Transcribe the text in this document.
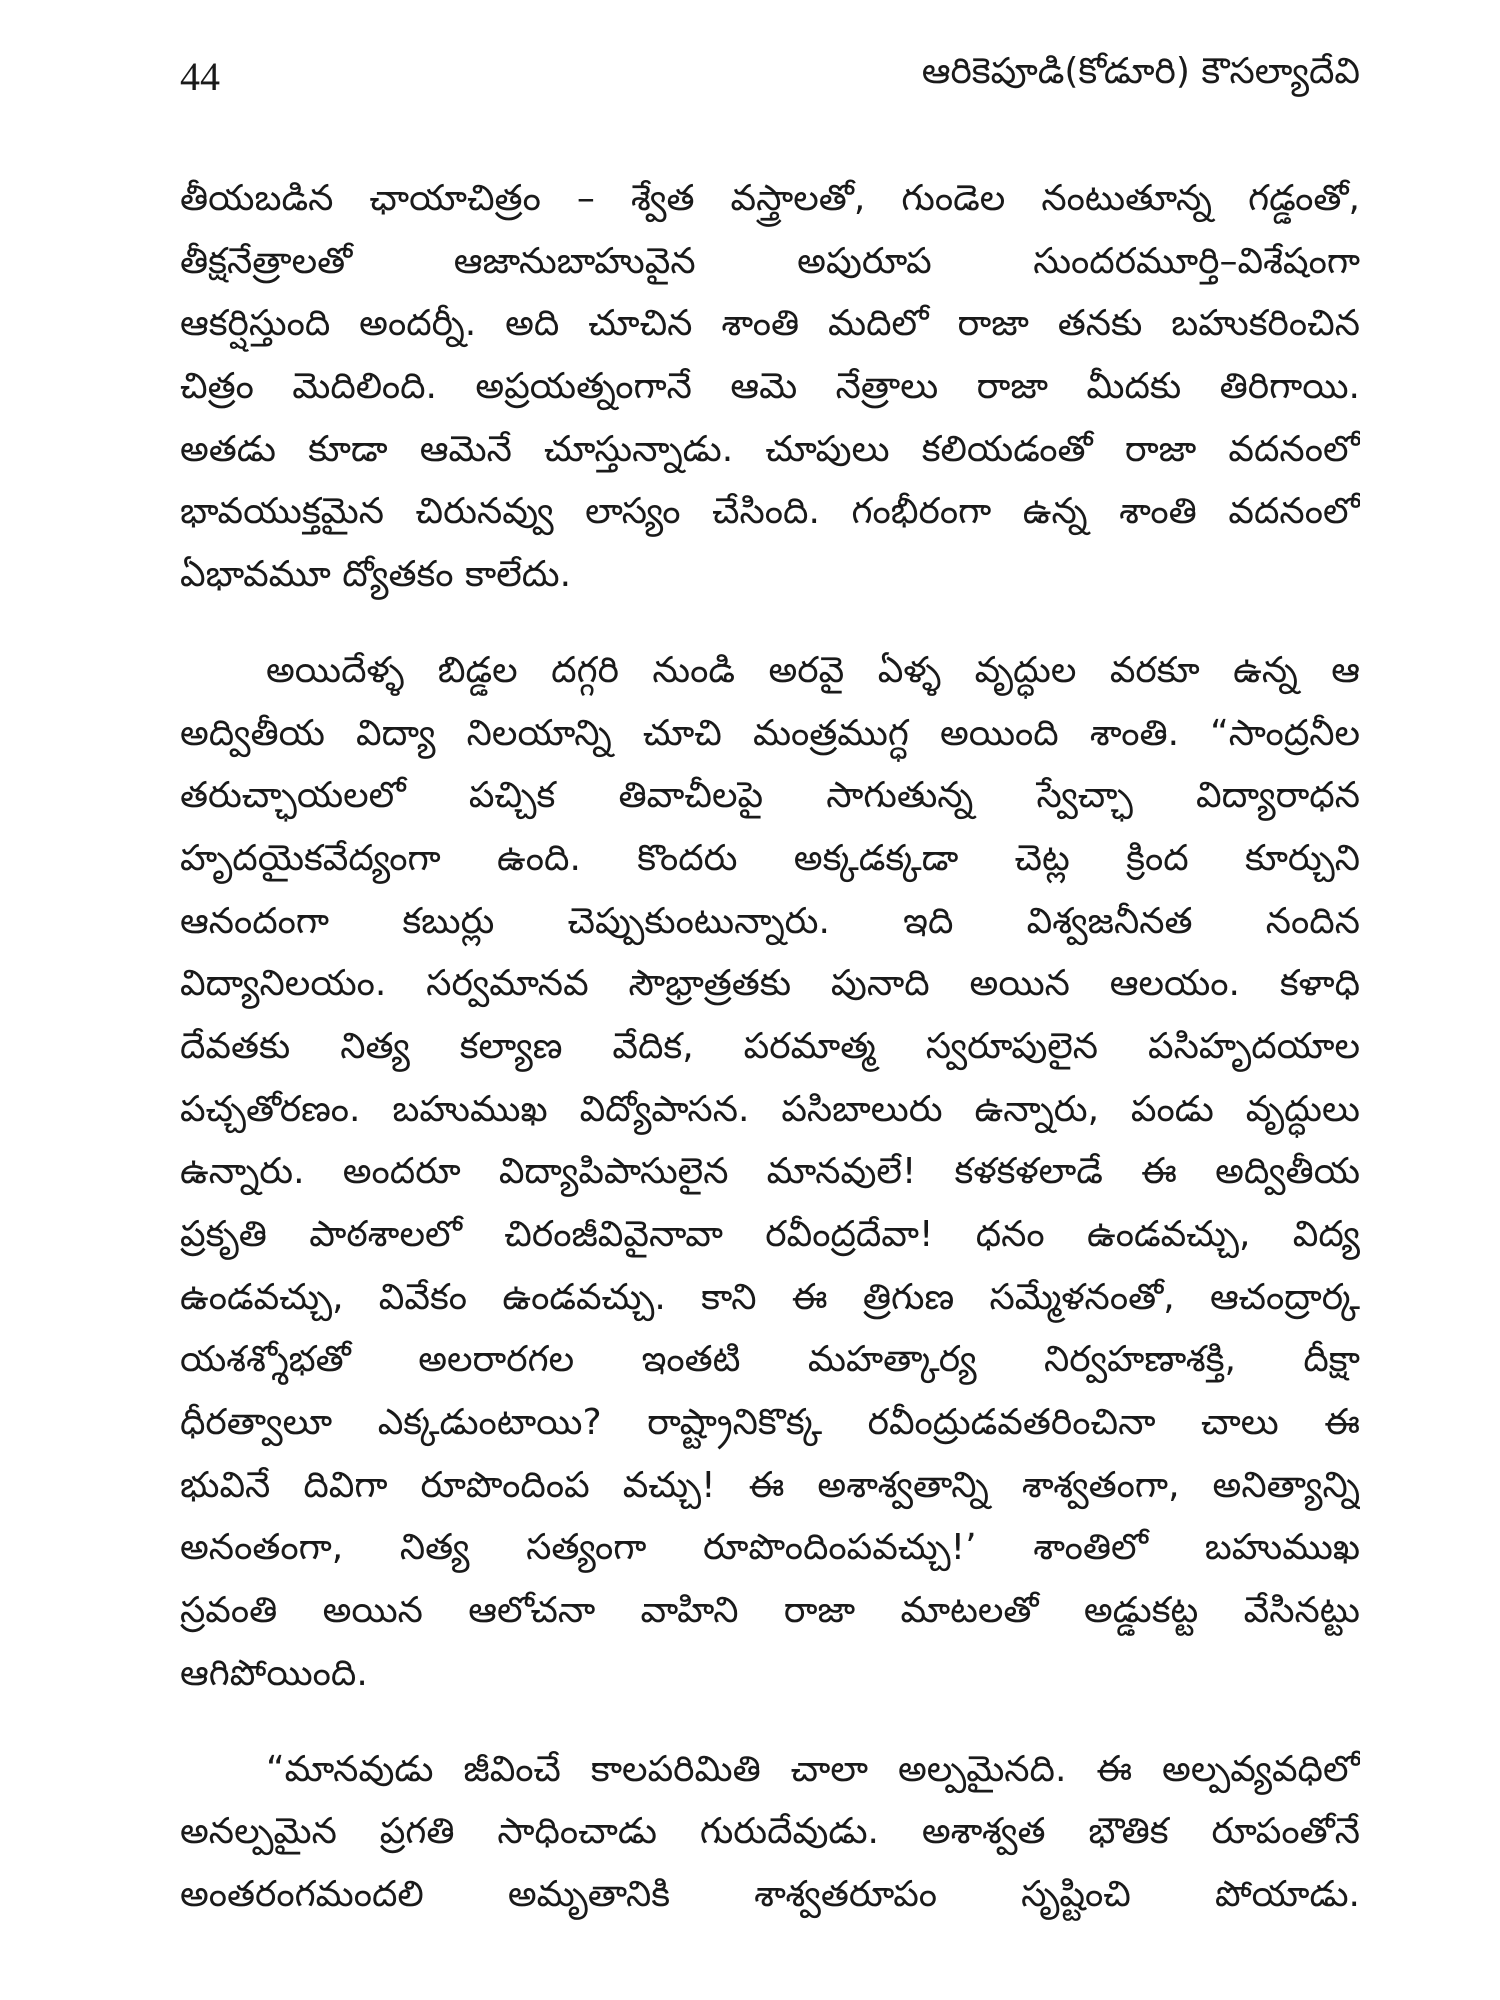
44	ఆరికెపూడి(కోడూరి) కౌసల్యాదేవి
తీయబడిన ఛాయాచిత్రం – శ్వేత వస్త్రాలతో, గుండెల నంటుతూన్న గడ్డంతో,
తీక్షనేత్రాలతో ఆజానుబాహువైన అపురూప సుందరమూర్తి–విశేషంగా
ఆకర్షిస్తుంది అందర్నీ. అది చూచిన శాంతి మదిలో రాజా తనకు బహుకరించిన
చిత్రం మెదిలింది. అప్రయత్నంగానే ఆమె నేత్రాలు రాజా మీదకు తిరిగాయి.
అతడు కూడా ఆమెనే చూస్తున్నాడు. చూపులు కలియడంతో రాజా వదనంలో
భావయుక్తమైన చిరునవ్వు లాస్యం చేసింది. గంభీరంగా ఉన్న శాంతి వదనంలో
ఏభావమూ ద్యోతకం కాలేదు.
అయిదేళ్ళ బిడ్డల దగ్గరి నుండి అరవై ఏళ్ళ వృద్ధుల వరకూ ఉన్న ఆ
అద్వితీయ విద్యా నిలయాన్ని చూచి మంత్రముగ్ధ అయింది శాంతి. “సాంద్రనీల
తరుచ్ఛాయలలో పచ్చిక తివాచీలపై సాగుతున్న స్వేచ్ఛా విద్యారాధన
హృదయైకవేద్యంగా ఉంది. కొందరు అక్కడక్కడా చెట్ల క్రింద కూర్చుని
ఆనందంగా కబుర్లు చెప్పుకుంటున్నారు. ఇది విశ్వజనీనత నందిన
విద్యానిలయం. సర్వమానవ సౌభ్రాత్రతకు పునాది అయిన ఆలయం. కళాధి
దేవతకు నిత్య కల్యాణ వేదిక, పరమాత్మ స్వరూపులైన పసిహృదయాల
పచ్చతోరణం. బహుముఖ విద్యోపాసన. పసిబాలురు ఉన్నారు, పండు వృద్ధులు
ఉన్నారు. అందరూ విద్యాపిపాసులైన మానవులే! కళకళలాడే ఈ అద్వితీయ
ప్రకృతి పాఠశాలలో చిరంజీవివైనావా రవీంద్రదేవా! ధనం ఉండవచ్చు, విద్య
ఉండవచ్చు, వివేకం ఉండవచ్చు. కాని ఈ త్రిగుణ సమ్మేళనంతో, ఆచంద్రార్క
యశశ్శోభతో అలరారగల ఇంతటి మహత్కార్య నిర్వహణాశక్తి, దీక్షా
ధీరత్వాలూ ఎక్కడుంటాయి? రాష్ట్రానికొక్క రవీంద్రుడవతరించినా చాలు ఈ
భువినే దివిగా రూపొందింప వచ్చు! ఈ అశాశ్వతాన్ని శాశ్వతంగా, అనిత్యాన్ని
అనంతంగా, నిత్య సత్యంగా రూపొందింపవచ్చు!’ శాంతిలో బహుముఖ
స్రవంతి అయిన ఆలోచనా వాహిని రాజా మాటలతో అడ్డుకట్ట వేసినట్టు
ఆగిపోయింది.
“మానవుడు జీవించే కాలపరిమితి చాలా అల్పమైనది. ఈ అల్పవ్యవధిలో
అనల్పమైన ప్రగతి సాధించాడు గురుదేవుడు. అశాశ్వత భౌతిక రూపంతోనే
అంతరంగమందలి అమృతానికి శాశ్వతరూపం సృష్టించి పోయాడు.
